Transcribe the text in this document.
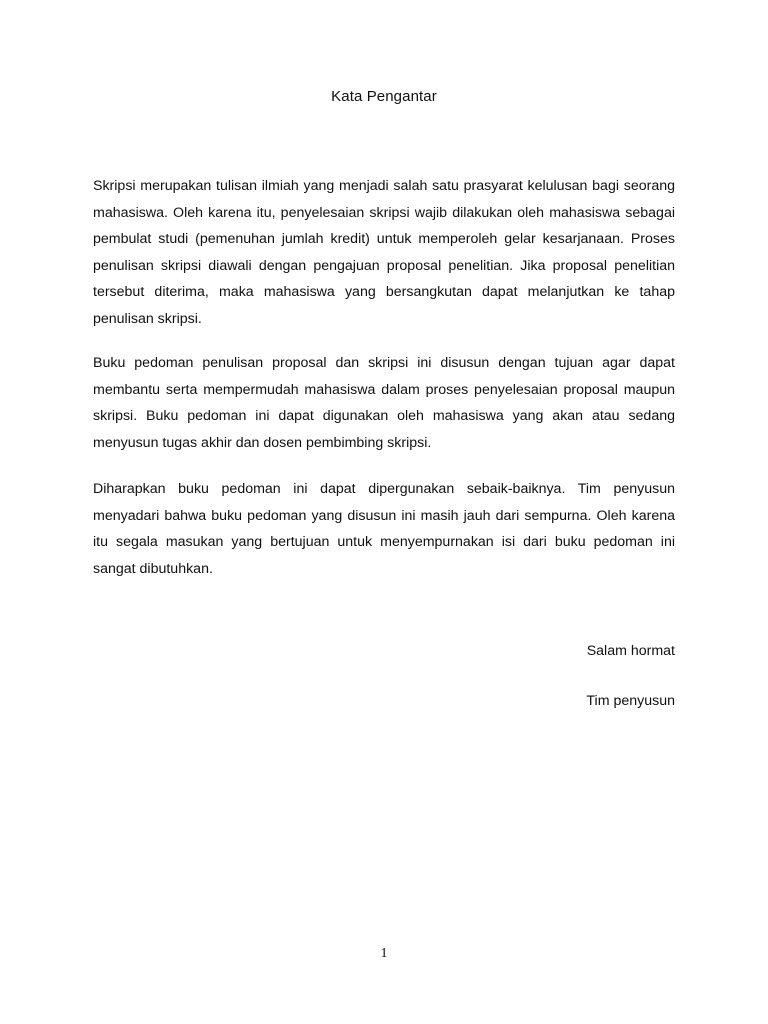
Kata Pengantar

Skripsi merupakan tulisan ilmiah yang menjadi salah satu prasyarat kelulusan bagi seorang mahasiswa. Oleh karena itu, penyelesaian skripsi wajib dilakukan oleh mahasiswa sebagai pembulat studi (pemenuhan jumlah kredit) untuk memperoleh gelar kesarjanaan. Proses penulisan skripsi diawali dengan pengajuan proposal penelitian. Jika proposal penelitian tersebut diterima, maka mahasiswa yang bersangkutan dapat melanjutkan ke tahap penulisan skripsi.

Buku pedoman penulisan proposal dan skripsi ini disusun dengan tujuan agar dapat membantu serta mempermudah mahasiswa dalam proses penyelesaian proposal maupun skripsi. Buku pedoman ini dapat digunakan oleh mahasiswa yang akan atau sedang menyusun tugas akhir dan dosen pembimbing skripsi.

Diharapkan buku pedoman ini dapat dipergunakan sebaik-baiknya. Tim penyusun menyadari bahwa buku pedoman yang disusun ini masih jauh dari sempurna. Oleh karena itu segala masukan yang bertujuan untuk menyempurnakan isi dari buku pedoman ini sangat dibutuhkan.

Salam hormat
Tim penyusun
1
